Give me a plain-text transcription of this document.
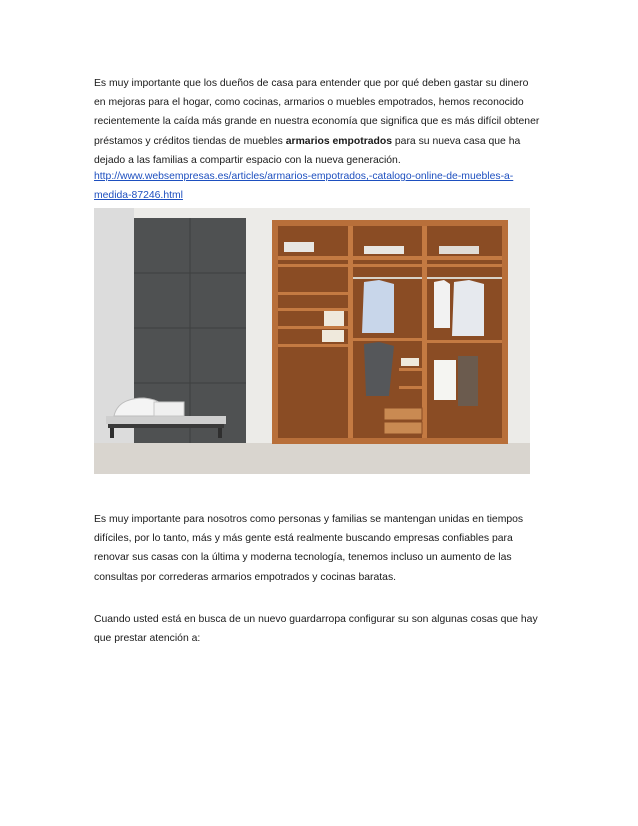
Es muy importante que los dueños de casa para entender que por qué deben gastar su dinero
en mejoras para el hogar, como cocinas, armarios o muebles empotrados, hemos reconocido
recientemente la caída más grande en nuestra economía que significa que es más difícil obtener
préstamos y créditos tiendas de muebles armarios empotrados para su nueva casa que ha
dejado a las familias a compartir espacio con la nueva generación.

http://www.websempresas.es/articles/armarios-empotrados,-catalogo-online-de-muebles-a-
medida-87246.html

Es muy importante para nosotros como personas y familias se mantengan unidas en tiempos
difíciles, por lo tanto, más y más gente está realmente buscando empresas confiables para
renovar sus casas con la última y moderna tecnología, tenemos incluso un aumento de las
consultas por correderas armarios empotrados y cocinas baratas.

Cuando usted está en busca de un nuevo guardarropa configurar su son algunas cosas que hay
que prestar atención a:
